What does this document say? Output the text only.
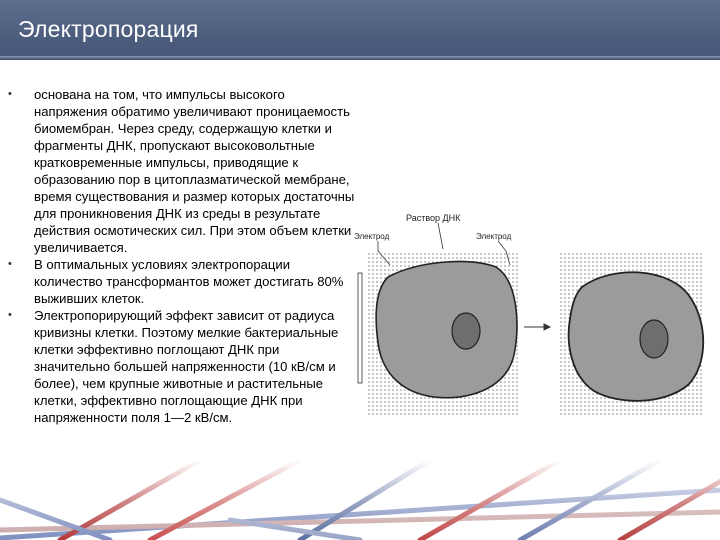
Электропорация
• основана на том, что импульсы высокого напряжения обратимо увеличивают проницаемость биомембран. Через среду, содержащую клетки и фрагменты ДНК, пропускают высоковольтные кратковременные импульсы, приводящие к образованию пор в цитоплазматической мембране, время существования и размер которых достаточны для проникновения ДНК из среды в результате действия осмотических сил. При этом объем клетки увеличивается.
• В оптимальных условиях электропорации количество трансформантов может достигать 80% выживших клеток.
• Электропорирующий эффект зависит от радиуса кривизны клетки. Поэтому мелкие бактериальные клетки эффективно поглощают ДНК при значительно большей напряженности (10 кВ/см и более), чем крупные животные и растительные клетки, эффективно поглощающие ДНК при напряженности поля 1—2 кВ/см.
Раствор ДНК
Электрод	Электрод
